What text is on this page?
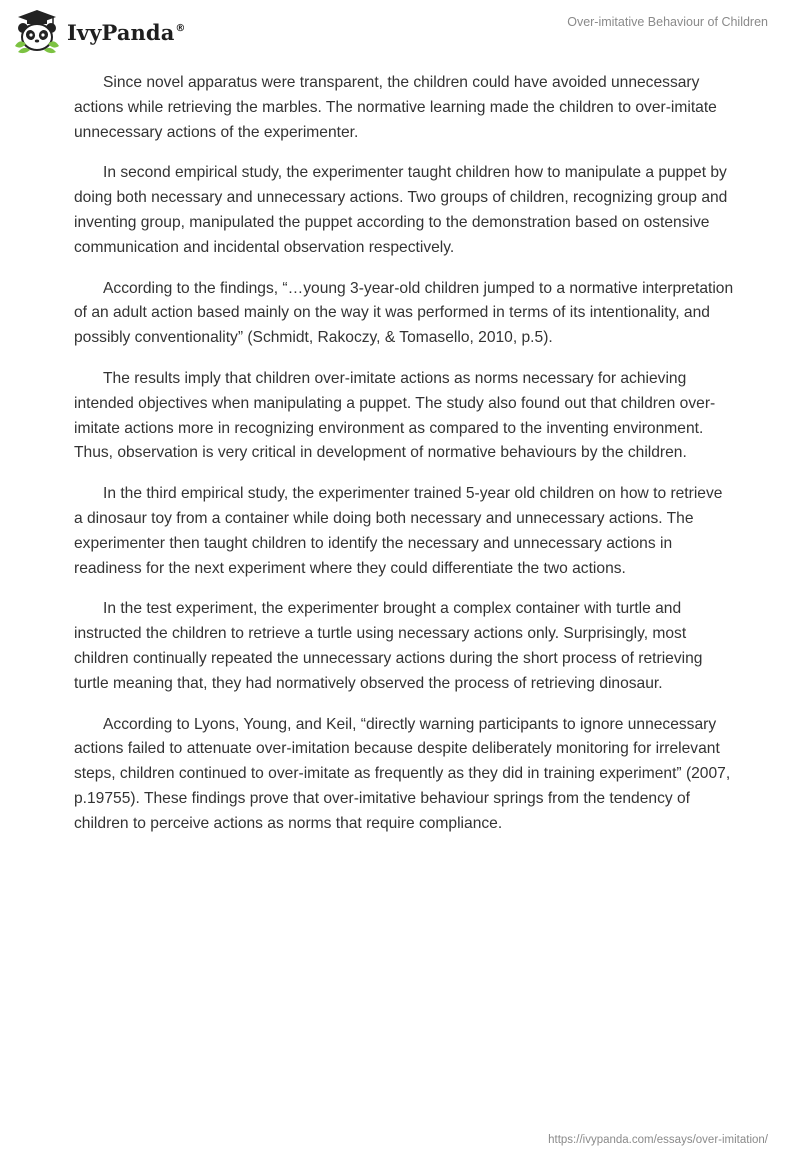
IvyPanda®	Over-imitative Behaviour of Children

Since novel apparatus were transparent, the children could have avoided unnecessary actions while retrieving the marbles. The normative learning made the children to over-imitate unnecessary actions of the experimenter.

In second empirical study, the experimenter taught children how to manipulate a puppet by doing both necessary and unnecessary actions. Two groups of children, recognizing group and inventing group, manipulated the puppet according to the demonstration based on ostensive communication and incidental observation respectively.

According to the findings, “…young 3-year-old children jumped to a normative interpretation of an adult action based mainly on the way it was performed in terms of its intentionality, and possibly conventionality” (Schmidt, Rakoczy, & Tomasello, 2010, p.5).

The results imply that children over-imitate actions as norms necessary for achieving intended objectives when manipulating a puppet. The study also found out that children over-imitate actions more in recognizing environment as compared to the inventing environment. Thus, observation is very critical in development of normative behaviours by the children.

In the third empirical study, the experimenter trained 5-year old children on how to retrieve a dinosaur toy from a container while doing both necessary and unnecessary actions. The experimenter then taught children to identify the necessary and unnecessary actions in readiness for the next experiment where they could differentiate the two actions.

In the test experiment, the experimenter brought a complex container with turtle and instructed the children to retrieve a turtle using necessary actions only. Surprisingly, most children continually repeated the unnecessary actions during the short process of retrieving turtle meaning that, they had normatively observed the process of retrieving dinosaur.

According to Lyons, Young, and Keil, “directly warning participants to ignore unnecessary actions failed to attenuate over-imitation because despite deliberately monitoring for irrelevant steps, children continued to over-imitate as frequently as they did in training experiment” (2007, p.19755). These findings prove that over-imitative behaviour springs from the tendency of children to perceive actions as norms that require compliance.

https://ivypanda.com/essays/over-imitation/
